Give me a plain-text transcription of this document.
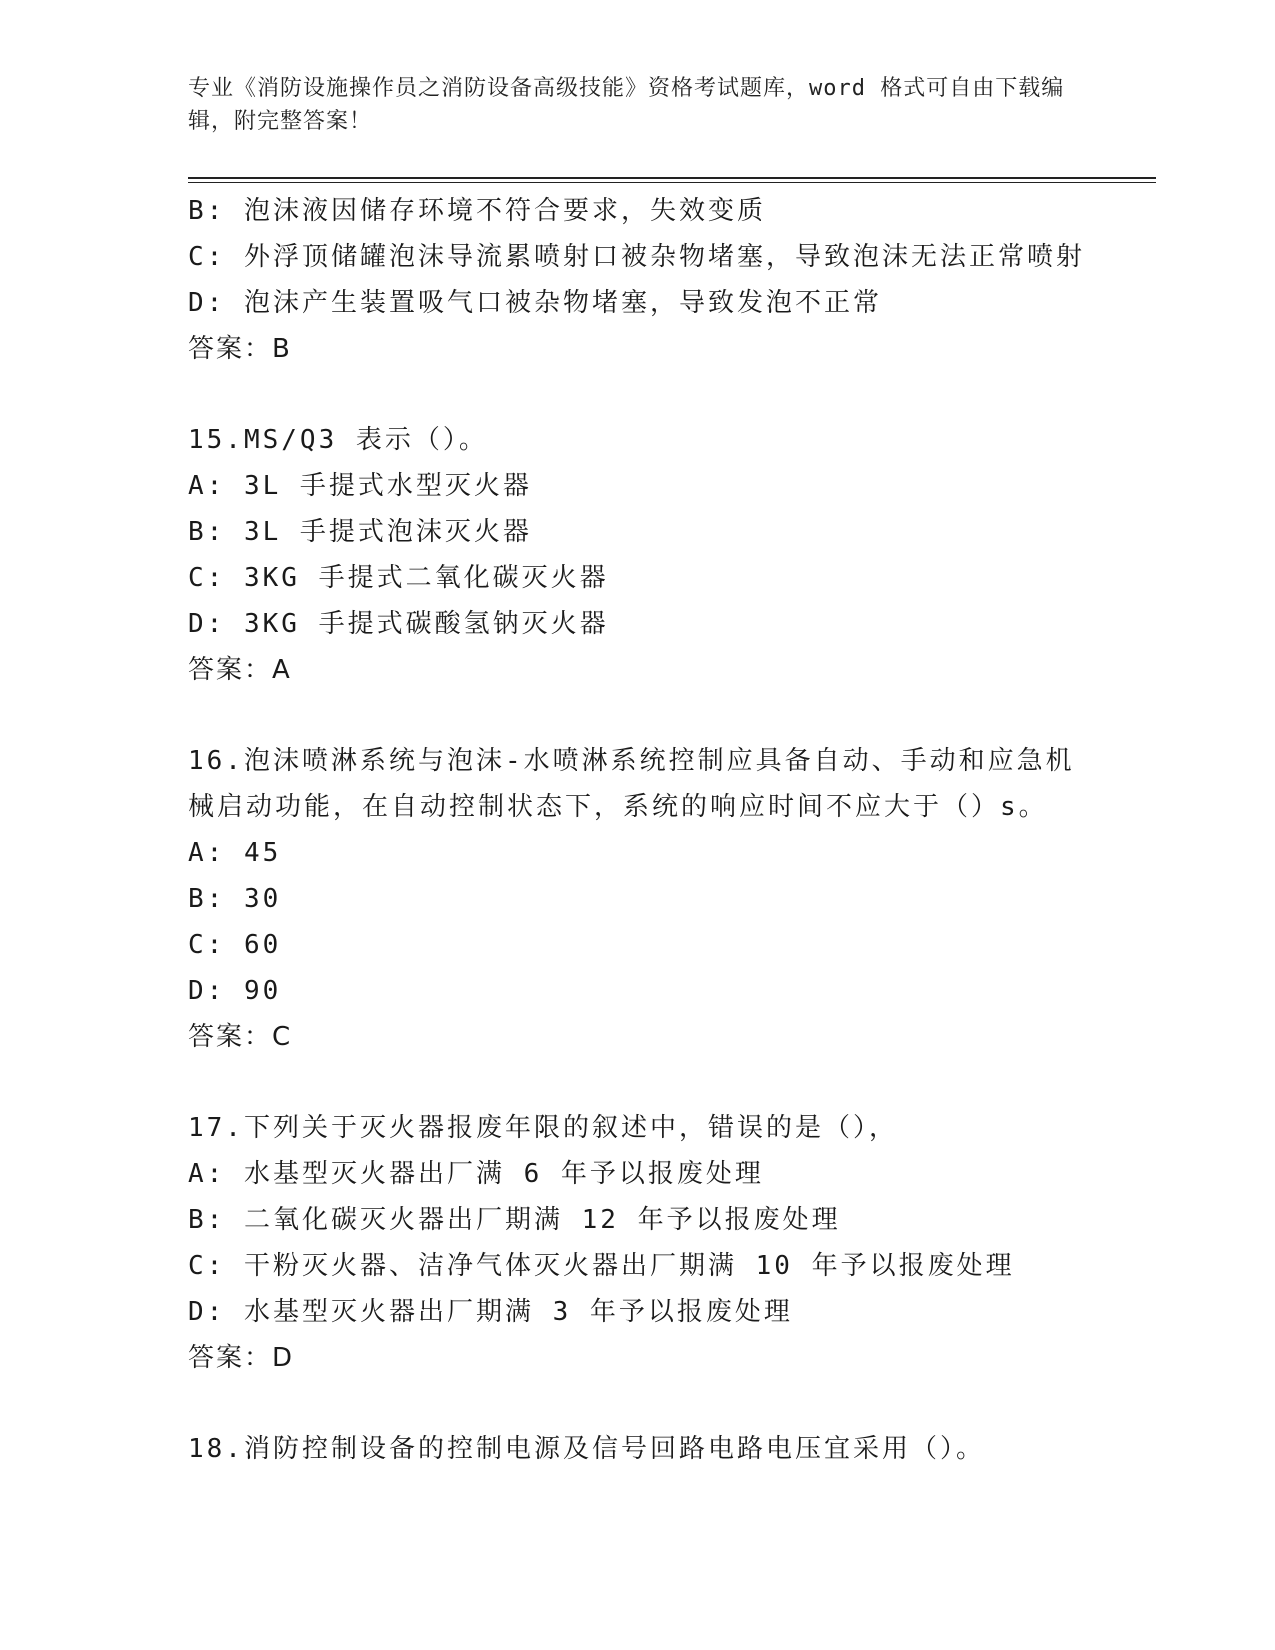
专业《消防设施操作员之消防设备高级技能》资格考试题库，word 格式可自由下载编辑，附完整答案！

B: 泡沫液因储存环境不符合要求，失效变质

C: 外浮顶储罐泡沫导流累喷射口被杂物堵塞，导致泡沫无法正常喷射

D: 泡沫产生装置吸气口被杂物堵塞，导致发泡不正常

答案：B

15.MS/Q3 表示（）。

A: 3L 手提式水型灭火器

B: 3L 手提式泡沫灭火器

C: 3KG 手提式二氧化碳灭火器

D: 3KG 手提式碳酸氢钠灭火器

答案：A

16.泡沫喷淋系统与泡沫-水喷淋系统控制应具备自动、手动和应急机

械启动功能，在自动控制状态下，系统的响应时间不应大于（）s。

A: 45

B: 30

C: 60

D: 90

答案：C

17.下列关于灭火器报废年限的叙述中，错误的是（），

A: 水基型灭火器出厂满 6 年予以报废处理

B: 二氧化碳灭火器出厂期满 12 年予以报废处理

C: 干粉灭火器、洁净气体灭火器出厂期满 10 年予以报废处理

D: 水基型灭火器出厂期满 3 年予以报废处理

答案：D

18.消防控制设备的控制电源及信号回路电路电压宜采用（）。
